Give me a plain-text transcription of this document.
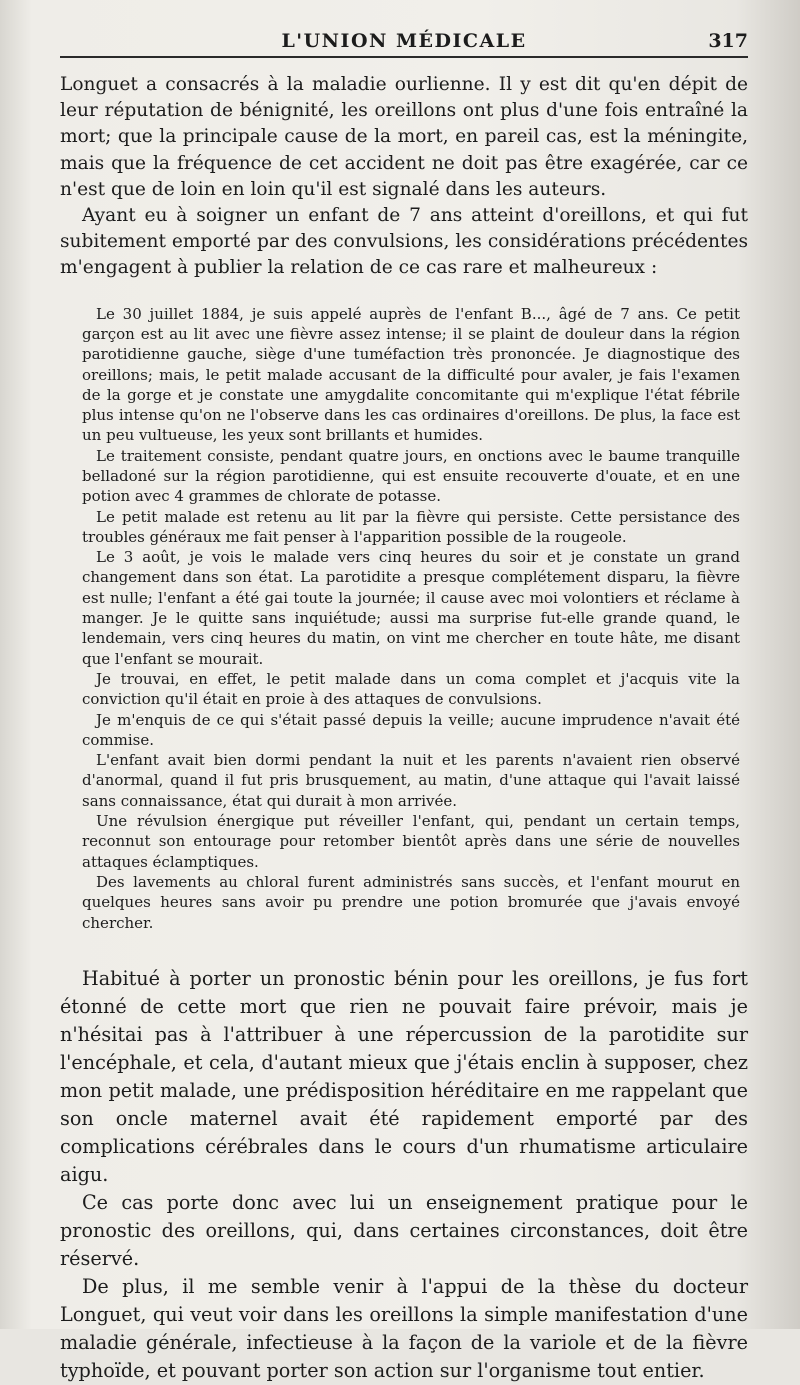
L'UNION MÉDICALE	317

Longuet a consacrés à la maladie ourlienne. Il y est dit qu'en dépit de leur réputation de bénignité, les oreillons ont plus d'une fois entraîné la mort; que la principale cause de la mort, en pareil cas, est la méningite, mais que la fréquence de cet accident ne doit pas être exagérée, car ce n'est que de loin en loin qu'il est signalé dans les auteurs.

Ayant eu à soigner un enfant de 7 ans atteint d'oreillons, et qui fut subitement emporté par des convulsions, les considérations précédentes m'engagent à publier la relation de ce cas rare et malheureux :

Le 30 juillet 1884, je suis appelé auprès de l'enfant B..., âgé de 7 ans. Ce petit garçon est au lit avec une fièvre assez intense; il se plaint de douleur dans la région parotidienne gauche, siège d'une tuméfaction très prononcée. Je diagnostique des oreillons; mais, le petit malade accusant de la difficulté pour avaler, je fais l'examen de la gorge et je constate une amygdalite concomitante qui m'explique l'état fébrile plus intense qu'on ne l'observe dans les cas ordinaires d'oreillons. De plus, la face est un peu vultueuse, les yeux sont brillants et humides.

Le traitement consiste, pendant quatre jours, en onctions avec le baume tranquille belladoné sur la région parotidienne, qui est ensuite recouverte d'ouate, et en une potion avec 4 grammes de chlorate de potasse.

Le petit malade est retenu au lit par la fièvre qui persiste. Cette persistance des troubles généraux me fait penser à l'apparition possible de la rougeole.

Le 3 août, je vois le malade vers cinq heures du soir et je constate un grand changement dans son état. La parotidite a presque complétement disparu, la fièvre est nulle; l'enfant a été gai toute la journée; il cause avec moi volontiers et réclame à manger. Je le quitte sans inquiétude; aussi ma surprise fut-elle grande quand, le lendemain, vers cinq heures du matin, on vint me chercher en toute hâte, me disant que l'enfant se mourait.

Je trouvai, en effet, le petit malade dans un coma complet et j'acquis vite la conviction qu'il était en proie à des attaques de convulsions.

Je m'enquis de ce qui s'était passé depuis la veille; aucune imprudence n'avait été commise.

L'enfant avait bien dormi pendant la nuit et les parents n'avaient rien observé d'anormal, quand il fut pris brusquement, au matin, d'une attaque qui l'avait laissé sans connaissance, état qui durait à mon arrivée.

Une révulsion énergique put réveiller l'enfant, qui, pendant un certain temps, reconnut son entourage pour retomber bientôt après dans une série de nouvelles attaques éclamptiques.

Des lavements au chloral furent administrés sans succès, et l'enfant mourut en quelques heures sans avoir pu prendre une potion bromurée que j'avais envoyé chercher.

Habitué à porter un pronostic bénin pour les oreillons, je fus fort étonné de cette mort que rien ne pouvait faire prévoir, mais je n'hésitai pas à l'attribuer à une répercussion de la parotidite sur l'encéphale, et cela, d'autant mieux que j'étais enclin à supposer, chez mon petit malade, une prédisposition héréditaire en me rappelant que son oncle maternel avait été rapidement emporté par des complications cérébrales dans le cours d'un rhumatisme articulaire aigu.

Ce cas porte donc avec lui un enseignement pratique pour le pronostic des oreillons, qui, dans certaines circonstances, doit être réservé.

De plus, il me semble venir à l'appui de la thèse du docteur Longuet, qui veut voir dans les oreillons la simple manifestation d'une maladie générale, infectieuse à la façon de la variole et de la fièvre typhoïde, et pouvant porter son action sur l'organisme tout entier.
